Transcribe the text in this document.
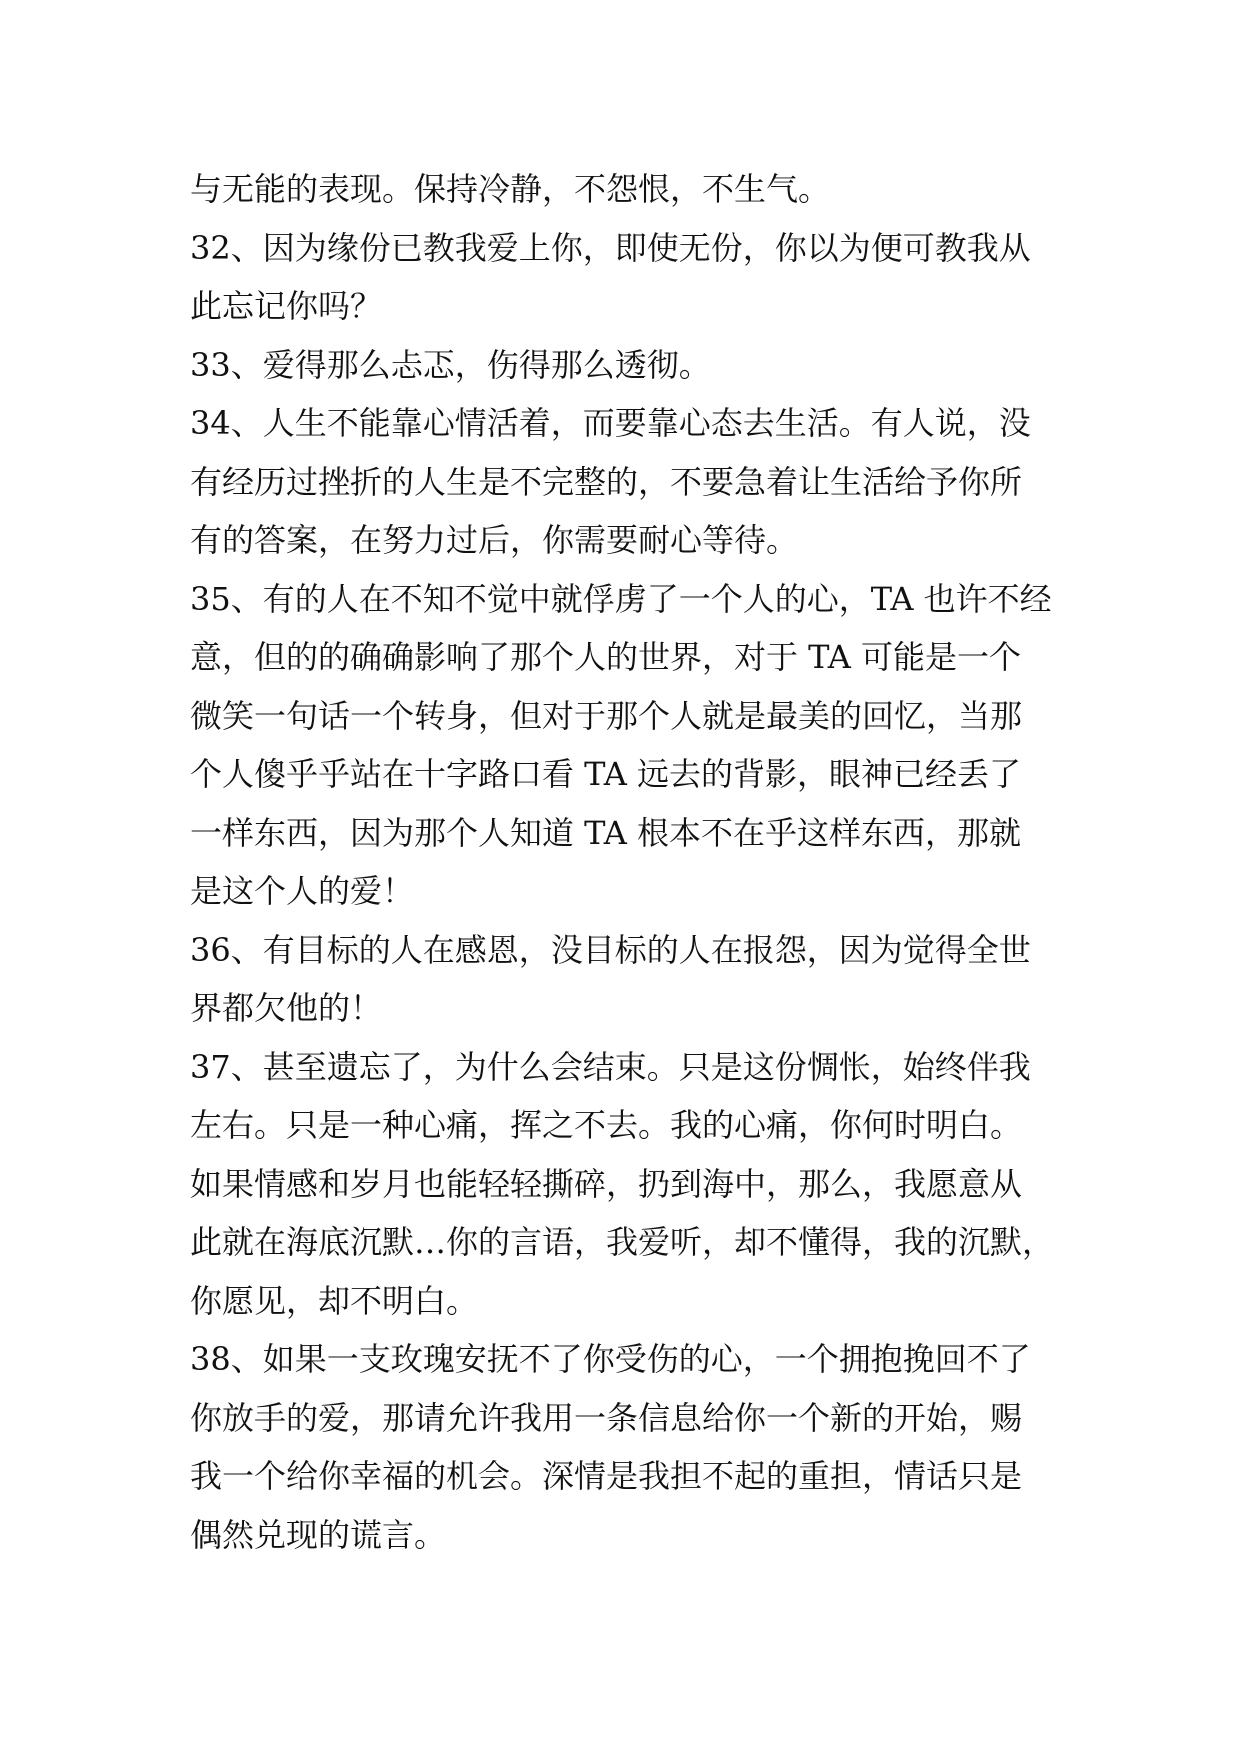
与无能的表现。保持冷静，不怨恨，不生气。
32、因为缘份已教我爱上你，即使无份，你以为便可教我从
此忘记你吗？
33、爱得那么忐忑，伤得那么透彻。
34、人生不能靠心情活着，而要靠心态去生活。有人说，没
有经历过挫折的人生是不完整的，不要急着让生活给予你所
有的答案，在努力过后，你需要耐心等待。
35、有的人在不知不觉中就俘虏了一个人的心，TA 也许不经
意，但的的确确影响了那个人的世界，对于 TA 可能是一个
微笑一句话一个转身，但对于那个人就是最美的回忆，当那
个人傻乎乎站在十字路口看 TA 远去的背影，眼神已经丢了
一样东西，因为那个人知道 TA 根本不在乎这样东西，那就
是这个人的爱！
36、有目标的人在感恩，没目标的人在报怨，因为觉得全世
界都欠他的！
37、甚至遗忘了，为什么会结束。只是这份惆怅，始终伴我
左右。只是一种心痛，挥之不去。我的心痛，你何时明白。
如果情感和岁月也能轻轻撕碎，扔到海中，那么，我愿意从
此就在海底沉默…你的言语，我爱听，却不懂得，我的沉默，
你愿见，却不明白。
38、如果一支玫瑰安抚不了你受伤的心，一个拥抱挽回不了
你放手的爱，那请允许我用一条信息给你一个新的开始，赐
我一个给你幸福的机会。深情是我担不起的重担，情话只是
偶然兑现的谎言。
